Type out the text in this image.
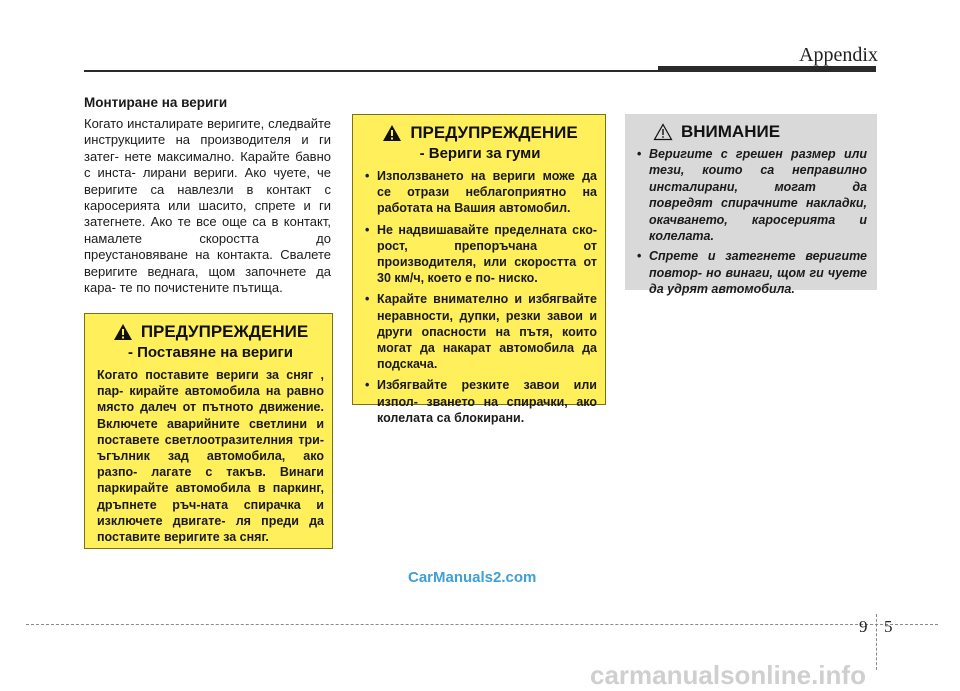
Appendix
Монтиране на вериги

Когато инсталирате веригите, следвайте инструкциите на производителя и ги затег- нете максимално. Карайте бавно с инста- лирани вериги. Ако чуете, че веригите са навлезли в контакт с каросерията или шасито, спрете и ги затегнете. Ако те все още са в контакт, намалете скоростта до преустановяване на контакта. Свалете веригите веднага, щом започнете да кара- те по почистените пътища.

ПРЕДУПРЕЖДЕНИЕ
- Поставяне на вериги
Когато поставите вериги за сняг , пар- кирайте автомобила на равно място далеч от пътното движение. Включете аварийните светлини и поставете светлоотразителния три- ъгълник зад автомобила, ако разпо- лагате с такъв. Винаги паркирайте автомобила в паркинг, дръпнете ръч-ната спирачка и изключете двигате- ля преди да поставите веригите за сняг.
ПРЕДУПРЕЖДЕНИЕ
- Вериги за гуми
• Използването на вериги може да се отрази неблагоприятно на работата на Вашия автомобил.
• Не надвишавайте пределната ско- рост, препоръчана от производителя, или скоростта от 30 км/ч, което е по- ниско.
• Карайте внимателно и избягвайте неравности, дупки, резки завои и други опасности на пътя, които могат да накарат автомобила да подскача.
• Избягвайте резките завои или изпол- зването на спирачки, ако колелата са блокирани.
ВНИМАНИЕ
• Веригите с грешен размер или тези, които са неправилно инсталирани, могат да повредят спирачните накладки, окачването, каросерията и колелата.
• Спрете и затегнете веригите повтор- но винаги, щом ги чуете да удрят автомобила.
CarManuals2.com
9 5
carmanualsonline.info
